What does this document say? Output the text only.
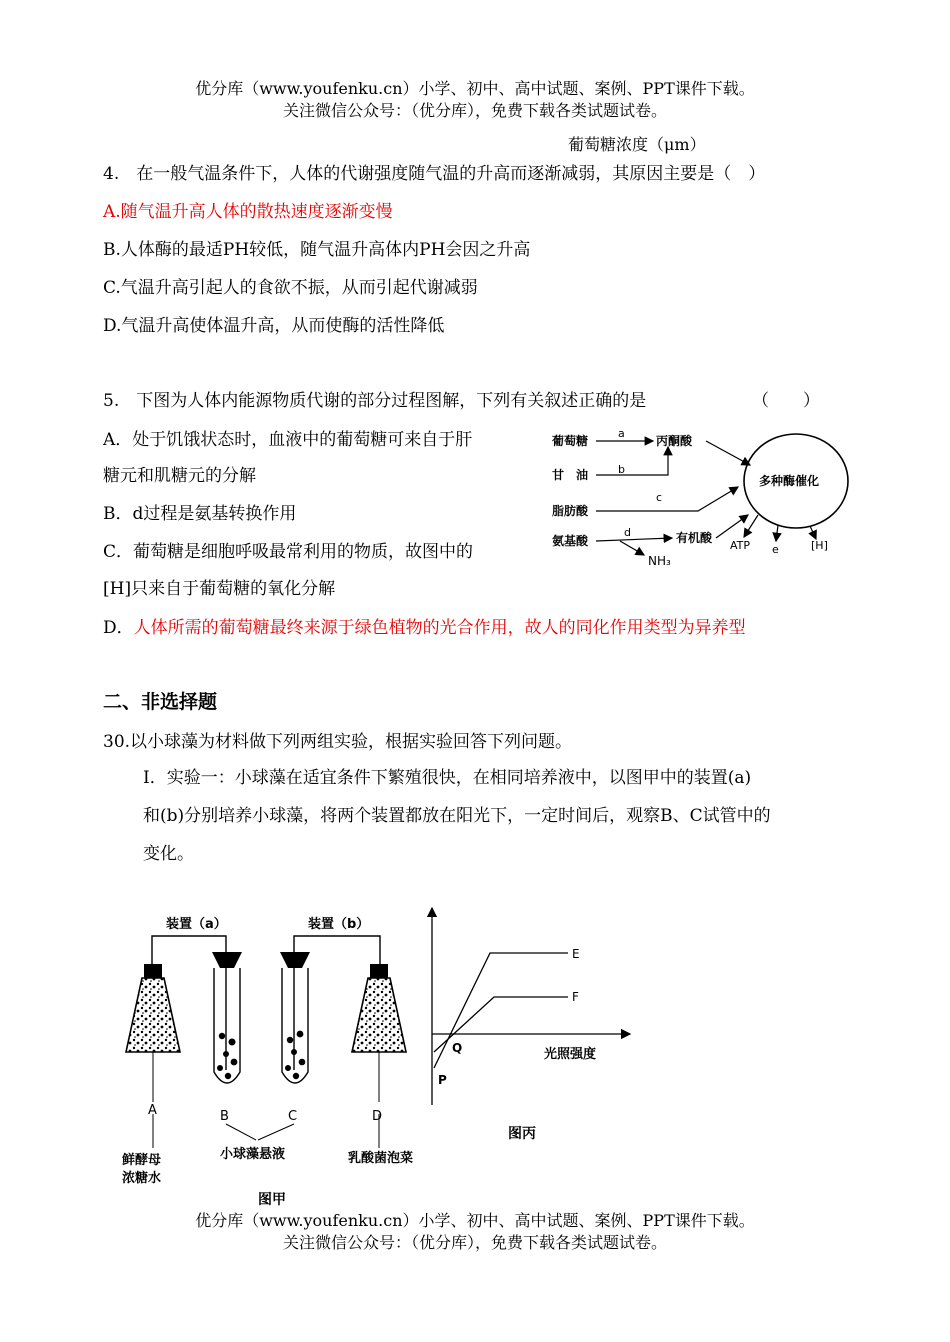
优分库（www.youfenku.cn）小学、初中、高中试题、案例、PPT课件下载。
关注微信公众号：（优分库），免费下载各类试题试卷。
葡萄糖浓度（μm）
4.　在一般气温条件下，人体的代谢强度随气温的升高而逐渐减弱，其原因主要是（　）
A.随气温升高人体的散热速度逐渐变慢
B.人体酶的最适PH较低，随气温升高体内PH会因之升高
C.气温升高引起人的食欲不振，从而引起代谢减弱
D.气温升高使体温升高，从而使酶的活性降低
5.　下图为人体内能源物质代谢的部分过程图解，下列有关叙述正确的是	（　　）
A．处于饥饿状态时，血液中的葡萄糖可来自于肝
糖元和肌糖元的分解
B．d过程是氨基转换作用
C．葡萄糖是细胞呼吸最常利用的物质，故图中的
[H]只来自于葡萄糖的氧化分解
D．人体所需的葡萄糖最终来源于绿色植物的光合作用，故人的同化作用类型为异养型
葡萄糖
甘　油
脂肪酸
氨基酸
丙酮酸
有机酸
NH₃
a
b
c
d
多种酶催化
ATP e	[H]
二、非选择题
30.以小球藻为材料做下列两组实验，根据实验回答下列问题。
Ⅰ．实验一：小球藻在适宜条件下繁殖很快，在相同培养液中，以图甲中的装置(a)
和(b)分别培养小球藻，将两个装置都放在阳光下，一定时间后，观察B、C试管中的
变化。
装置（a）	装置（b）
A	B	C	D
鲜酵母
浓糖水
小球藻悬液	乳酸菌泡菜
图甲
E
F
Q
P
光照强度
图丙
优分库（www.youfenku.cn）小学、初中、高中试题、案例、PPT课件下载。
关注微信公众号：（优分库），免费下载各类试题试卷。
